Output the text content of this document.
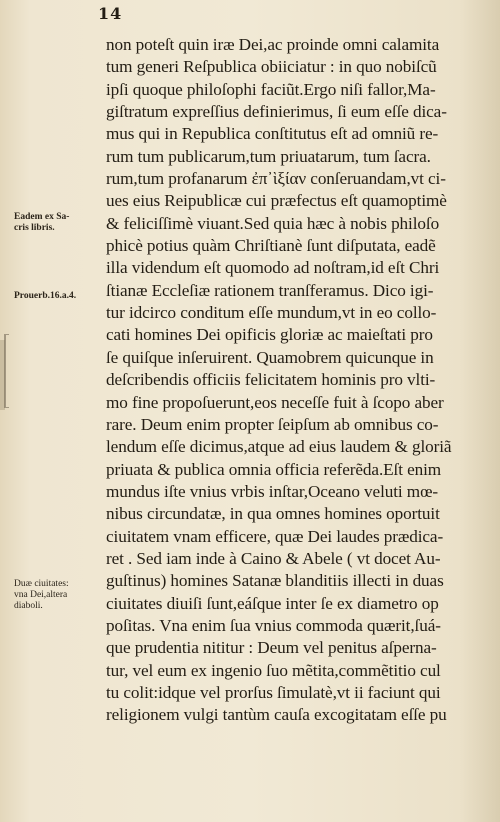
14
Eadem ex Sa-
cris libris.
Prouerb.16.a.4.
Duæ ciuitates:
vna Dei,altera
diaboli.
non poteſt quin iræ Dei,ac proinde omni calamita
tum generi Reſpublica obiiciatur : in quo nobiſcũ
ipſi quoque philoſophi faciũt.Ergo niſi fallor,Ma-
giſtratum expreſſius definierimus, ſi eum eſſe dica-
mus qui in Republica conſtitutus eſt ad omniũ re-
rum tum publicarum,tum priuatarum, tum ſacra.
rum,tum profanarum ἐπ᾽ὶξίαν conſeruandam,vt ci-
ues eius Reipublicæ cui præfectus eſt quamoptimè
& feliciſſimè viuant.Sed quia hæc à nobis philoſo
phicè potius quàm Chriſtianè ſunt diſputata, eadẽ
illa videndum eſt quomodo ad noſtram,id eſt Chri
ſtianæ Eccleſiæ rationem tranſferamus. Dico igi-
tur idcirco conditum eſſe mundum,vt in eo collo-
cati homines Dei opificis gloriæ ac maieſtati pro
ſe quiſque inſeruirent. Quamobrem quicunque in
deſcribendis officiis felicitatem hominis pro vlti-
mo fine propoſuerunt,eos neceſſe fuit à ſcopo aber
rare. Deum enim propter ſeipſum ab omnibus co-
lendum eſſe dicimus,atque ad eius laudem & gloriã
priuata & publica omnia officia referẽda.Eſt enim
mundus iſte vnius vrbis inſtar,Oceano veluti mœ-
nibus circundatæ, in qua omnes homines oportuit
ciuitatem vnam efficere, quæ Dei laudes prædica-
ret . Sed iam inde à Caino & Abele ( vt docet Au-
guſtinus) homines Satanæ blanditiis illecti in duas
ciuitates diuiſi ſunt,eáſque inter ſe ex diametro op
poſitas. Vna enim ſua vnius commoda quærit,ſuá-
que prudentia nititur : Deum vel penitus aſperna-
tur, vel eum ex ingenio ſuo mẽtita,commẽtitio cul
tu colit:idque vel prorſus ſimulatè,vt ii faciunt qui
religionem vulgi tantùm cauſa excogitatam eſſe pu
